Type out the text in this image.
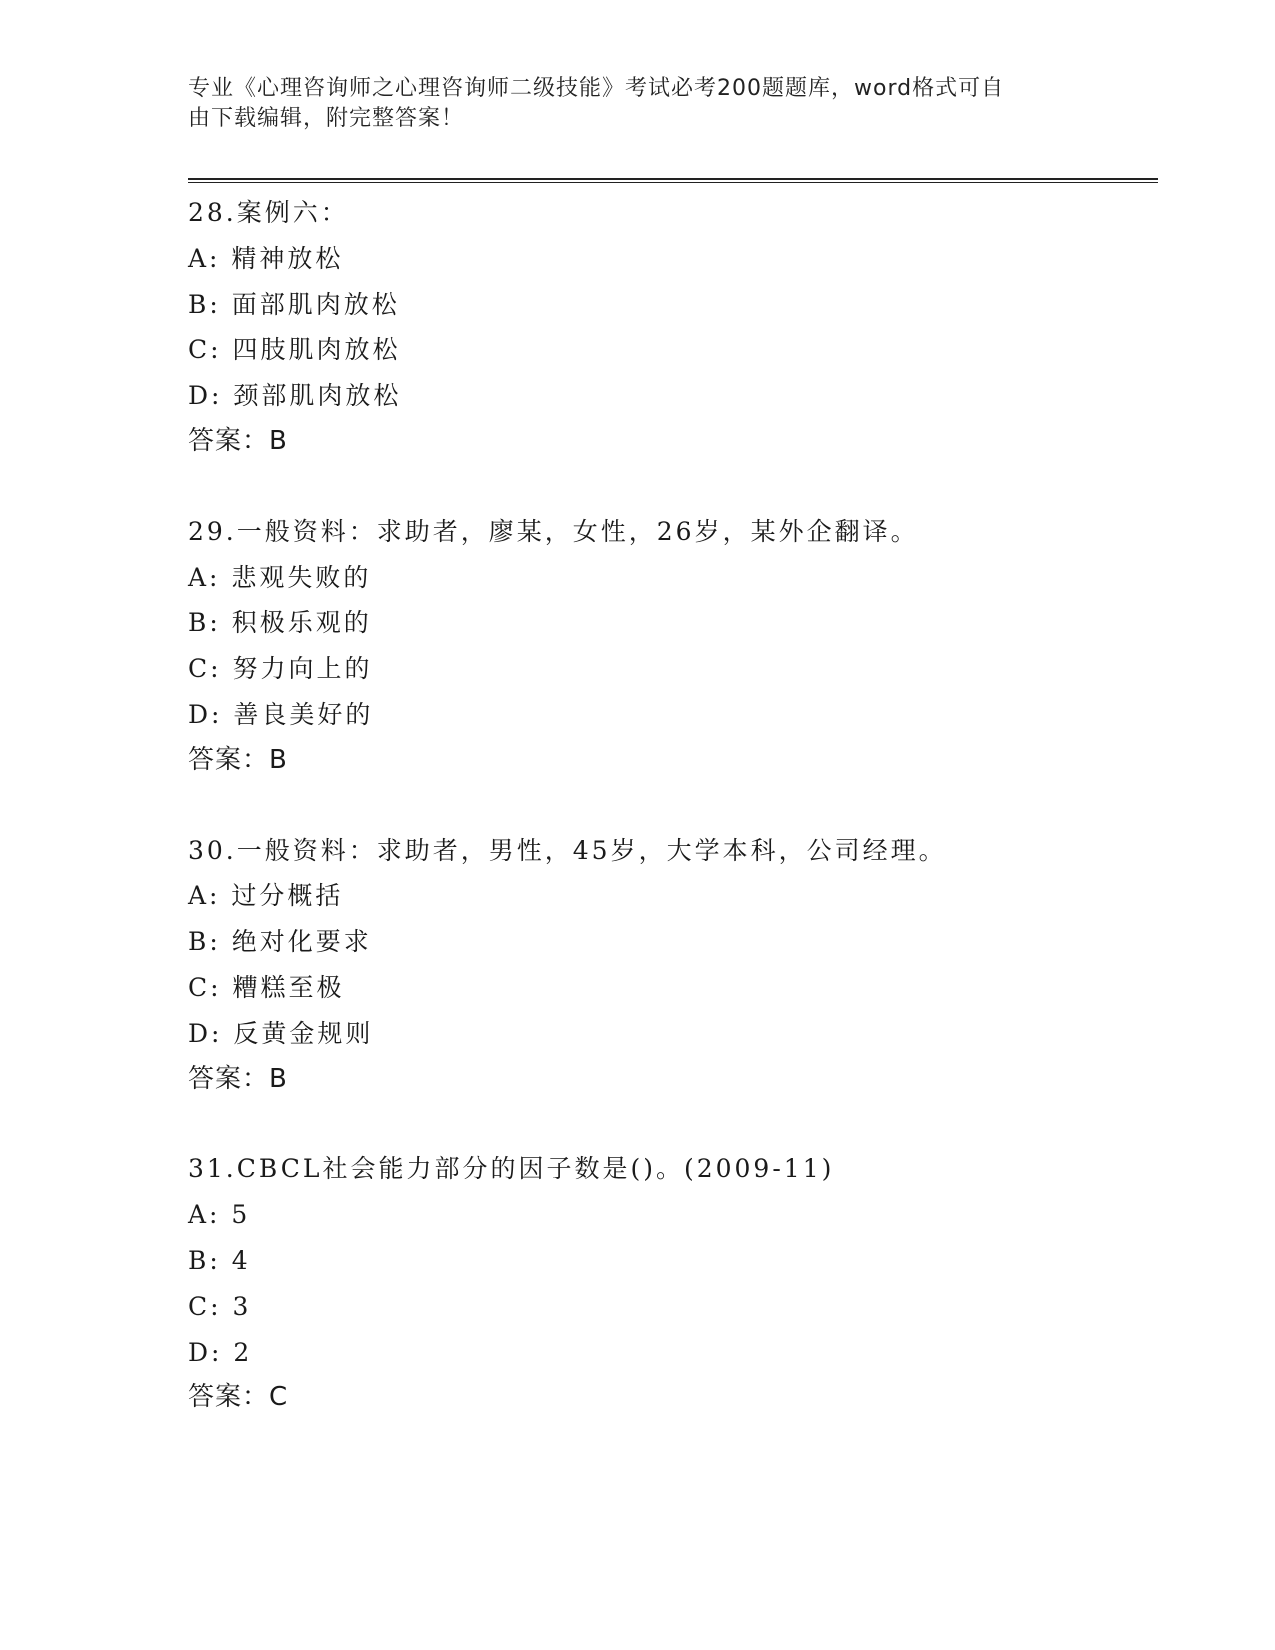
专业《心理咨询师之心理咨询师二级技能》考试必考200题题库，word格式可自
由下载编辑，附完整答案！
28.案例六：
A: 精神放松
B: 面部肌肉放松
C: 四肢肌肉放松
D: 颈部肌肉放松
答案：B
29.一般资料：求助者，廖某，女性，26岁，某外企翻译。
A: 悲观失败的
B: 积极乐观的
C: 努力向上的
D: 善良美好的
答案：B
30.一般资料：求助者，男性，45岁，大学本科，公司经理。
A: 过分概括
B: 绝对化要求
C: 糟糕至极
D: 反黄金规则
答案：B
31.CBCL社会能力部分的因子数是()。(2009-11)
A: 5
B: 4
C: 3
D: 2
答案：C
